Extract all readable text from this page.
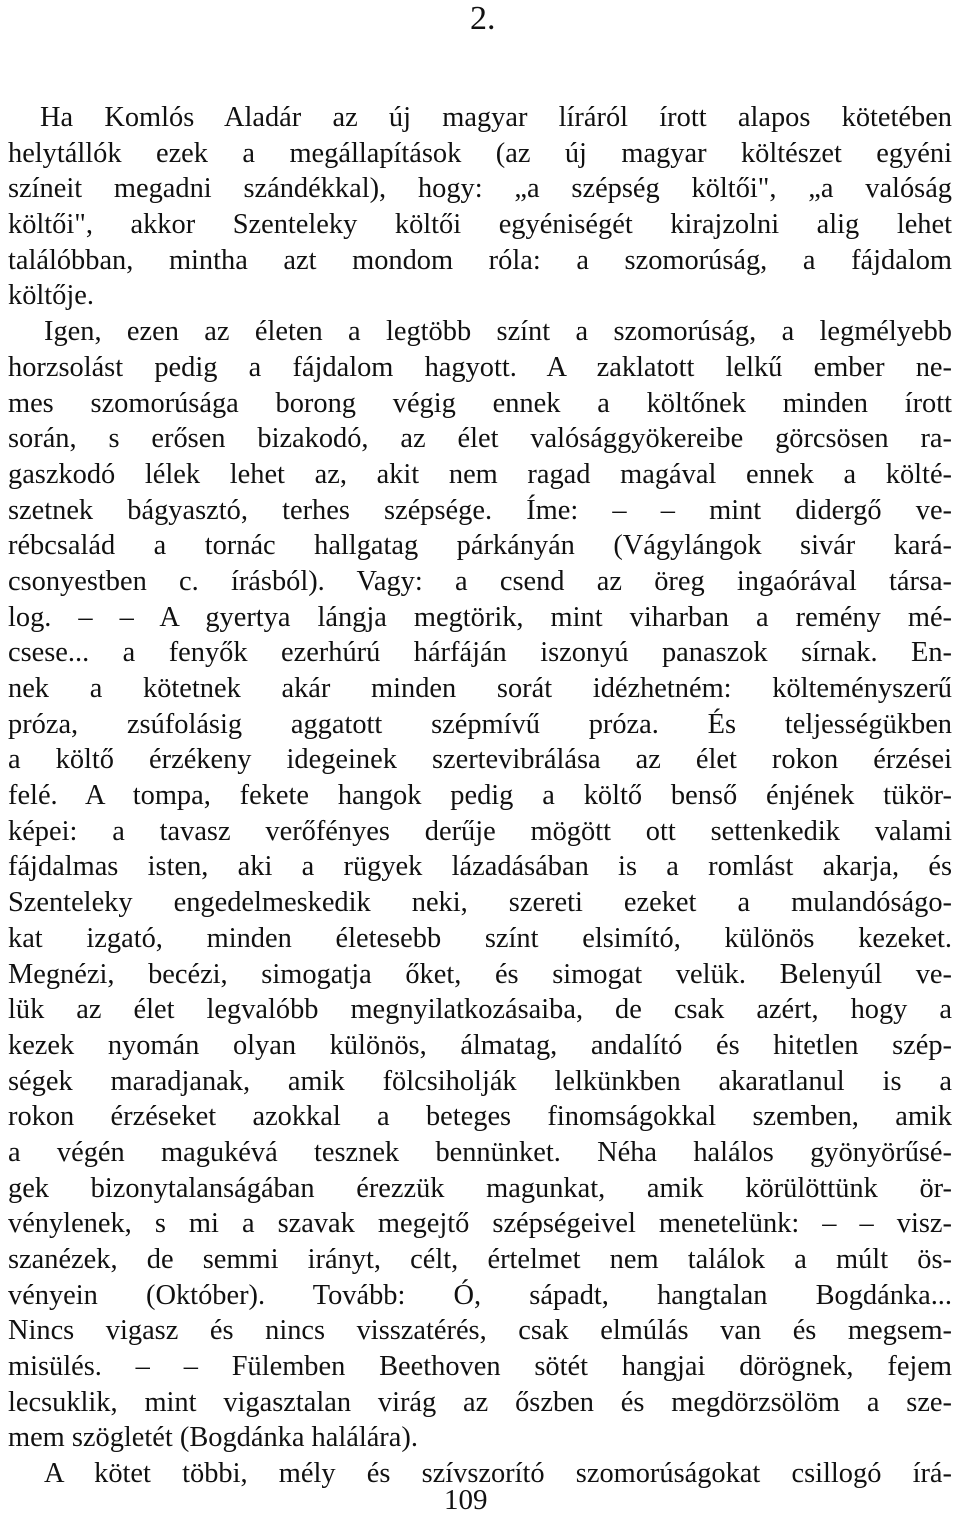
2.
Ha Komlós Aladár az új magyar líráról írott alapos kötetében
helytállók ezek a megállapítások (az új magyar költészet egyéni
színeit megadni szándékkal), hogy: „a szépség költői", „a valóság
költői", akkor Szenteleky költői egyéniségét kirajzolni alig lehet
találóbban, mintha azt mondom róla: a szomorúság, a fájdalom
költője.
Igen, ezen az életen a legtöbb színt a szomorúság, a legmélyebb
horzsolást pedig a fájdalom hagyott. A zaklatott lelkű ember ne-
mes szomorúsága borong végig ennek a költőnek minden írott
során, s erősen bizakodó, az élet valósággyökereibe görcsösen ra-
gaszkodó lélek lehet az, akit nem ragad magával ennek a költé-
szetnek bágyasztó, terhes szépsége. Íme: – – mint didergő ve-
rébcsalád a tornác hallgatag párkányán (Vágylángok sivár kará-
csonyestben c. írásból). Vagy: a csend az öreg ingaórával társa-
log. – – A gyertya lángja megtörik, mint viharban a remény mé-
csese... a fenyők ezerhúrú hárfáján iszonyú panaszok sírnak. En-
nek a kötetnek akár minden sorát idézhetném: költeményszerű
próza, zsúfolásig aggatott szépmívű próza. És teljességükben
a költő érzékeny idegeinek szertevibrálása az élet rokon érzései
felé. A tompa, fekete hangok pedig a költő benső énjének tükör-
képei: a tavasz verőfényes derűje mögött ott settenkedik valami
fájdalmas isten, aki a rügyek lázadásában is a romlást akarja, és
Szenteleky engedelmeskedik neki, szereti ezeket a mulandóságo-
kat izgató, minden életesebb színt elsimító, különös kezeket.
Megnézi, becézi, simogatja őket, és simogat velük. Belenyúl ve-
lük az élet legvalóbb megnyilatkozásaiba, de csak azért, hogy a
kezek nyomán olyan különös, álmatag, andalító és hitetlen szép-
ségek maradjanak, amik fölcsiholják lelkünkben akaratlanul is a
rokon érzéseket azokkal a beteges finomságokkal szemben, amik
a végén magukévá tesznek bennünket. Néha halálos gyönyörűsé-
gek bizonytalanságában érezzük magunkat, amik körülöttünk ör-
vénylenek, s mi a szavak megejtő szépségeivel menetelünk: – – visz-
szanézek, de semmi irányt, célt, értelmet nem találok a múlt ös-
vényein (Október). Tovább: Ó, sápadt, hangtalan Bogdánka...
Nincs vigasz és nincs visszatérés, csak elmúlás van és megsem-
misülés. – – Fülemben Beethoven sötét hangjai dörögnek, fejem
lecsuklik, mint vigasztalan virág az őszben és megdörzsölöm a sze-
mem szögletét (Bogdánka halálára).
A kötet többi, mély és szívszorító szomorúságokat csillogó írá-
109
